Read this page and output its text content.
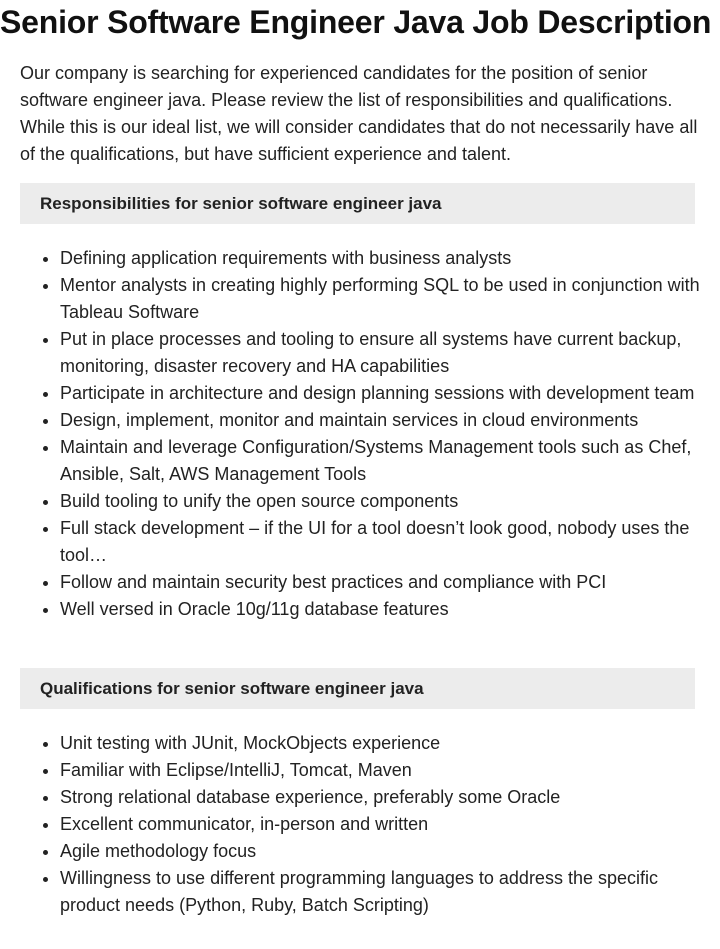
Senior Software Engineer Java Job Description

Our company is searching for experienced candidates for the position of senior software engineer java. Please review the list of responsibilities and qualifications. While this is our ideal list, we will consider candidates that do not necessarily have all of the qualifications, but have sufficient experience and talent.

Responsibilities for senior software engineer java
• Defining application requirements with business analysts
• Mentor analysts in creating highly performing SQL to be used in conjunction with Tableau Software
• Put in place processes and tooling to ensure all systems have current backup, monitoring, disaster recovery and HA capabilities
• Participate in architecture and design planning sessions with development team
• Design, implement, monitor and maintain services in cloud environments
• Maintain and leverage Configuration/Systems Management tools such as Chef, Ansible, Salt, AWS Management Tools
• Build tooling to unify the open source components
• Full stack development – if the UI for a tool doesn’t look good, nobody uses the tool…
• Follow and maintain security best practices and compliance with PCI
• Well versed in Oracle 10g/11g database features
Qualifications for senior software engineer java
• Unit testing with JUnit, MockObjects experience
• Familiar with Eclipse/IntelliJ, Tomcat, Maven
• Strong relational database experience, preferably some Oracle
• Excellent communicator, in-person and written
• Agile methodology focus
• Willingness to use different programming languages to address the specific product needs (Python, Ruby, Batch Scripting)
